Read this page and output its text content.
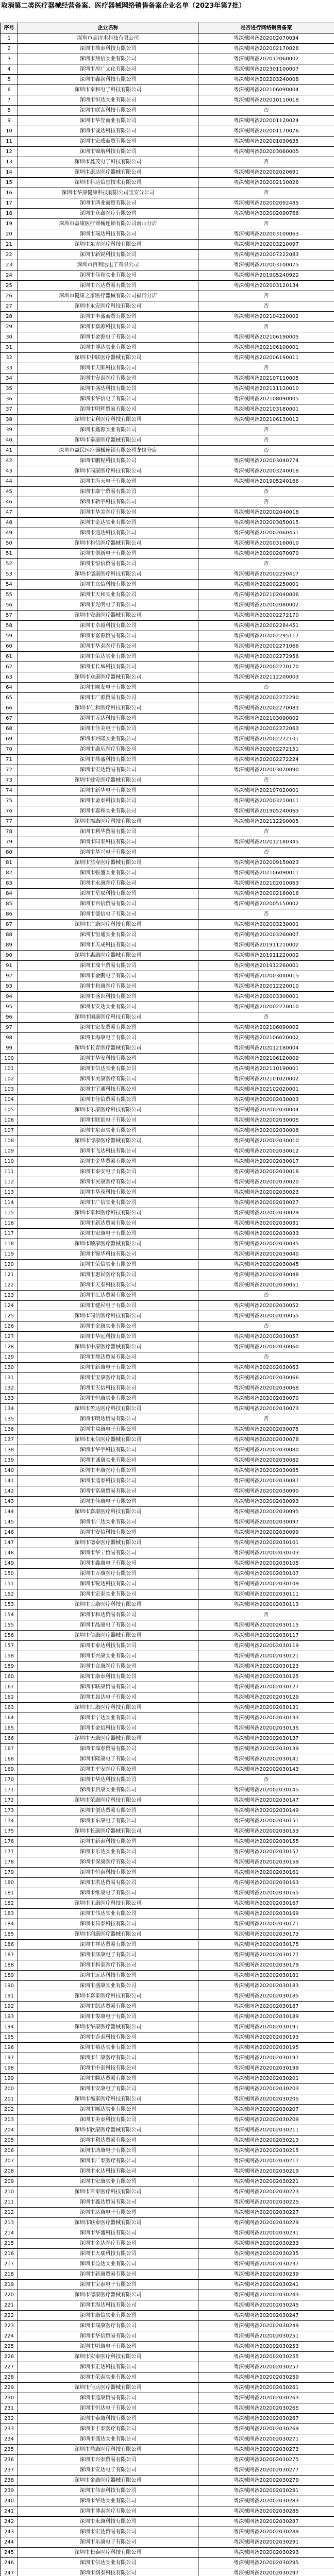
取消第二类医疗器械经营备案、医疗器械网络销售备案企业名单（2023年第7批）
序号	企业名称	是否进行网络销售备案
1	深圳市高诗木科技有限公司	粤深械网备202002070034
2	深圳市鼎泰科技有限公司	粤深械网备202002170028
3	深圳市鼎信实业有限公司	粤深械网备202012060002
4	深圳市厚广文化有限公司	粤深械网备202301100007
5	深圳市鑫润科技有限公司	粤深械网备202203240008
6	深圳市泰和电子科技有限公司	粤深械网备202106090004
7	深圳市恒达实业有限公司	粤深械网备202010110018
8	深圳市联合科技有限公司	否
9	深圳市华誉商业有限公司	粤深械网备202001120024
10	深圳市诚达科技有限公司	粤深械网备202001170076
11	深圳市宏威商贸有限公司	粤深械网备202001030635
12	深圳市锦航科技有限公司	粤深械网备202003060005
13	深圳市鑫茂电子科技有限公司	否
14	深圳市康达医疗器械有限公司	粤深械网备202002020691
15	深圳市科达信息技术有限公司	粤深械网备202002110026
16	深圳市华康健康科技有限公司宝安分公司	否
17	深圳市鸿业商贸有限公司	粤深械网备202002092485
18	深圳市众鑫医疗有限公司	粤深械网备202002090766
19	深圳市益康医疗器械连锁有限公司南山分店	否
20	深圳市瑞达科技有限公司	粤深械网备202003100063
21	深圳市东方医疗科技有限公司	粤深械网备202003210097
22	深圳市新锐科技有限公司	粤深械网备202007222083
23	深圳市百利达电子有限公司	粤深械网备202003100075
24	深圳市佳和实业有限公司	粤深械网备201905240922
25	深圳市兴达贸易有限公司	粤深械网备202003120134
26	深圳市健康之家医疗器械有限公司福田分店	否
27	深圳市永安医疗科技有限公司	否
28	深圳市丰盛商贸有限公司	粤深械网备202104220002
29	深圳市嘉源科技有限公司	否
30	深圳市金源电子有限公司	粤深械网备202106190005
31	深圳市博达实业有限公司	粤深械网备202106100001
32	深圳市中联医疗器械有限公司	粤深械网备202006190011
33	深圳市天顺科技有限公司	否
34	深圳市安泰医疗有限公司	粤深械网备202107110005
35	深圳市盛达科技有限公司	粤深械网备202111120010
36	深圳市华信电子有限公司	粤深械网备202108090005
37	深圳市明辉贸易有限公司	粤深械网备202103180001
38	深圳市宝利医疗科技有限公司	粤深械网备202106130012
39	深圳市鑫源实业有限公司	否
40	深圳市泰康医疗器械有限公司	否
41	深圳市益民医疗器械连锁有限公司龙岗分店	否
42	深圳市鹏程科技有限公司	粤深械网备202003040774
43	深圳市瑞康医疗科技有限公司	粤深械网备202003240018
44	深圳市海天电子有限公司	粤深械网备201905240166
45	深圳市康宁贸易有限公司	否
46	深圳市新宇科技有限公司	否
47	深圳市华美医疗有限公司	粤深械网备202002040018
48	深圳市金达实业有限公司	粤深械网备202003050015
49	深圳市通达科技有限公司	粤深械网备202002060451
50	深圳市和信医疗器械有限公司	粤深械网备202003160010
51	深圳市创新电子有限公司	粤深械网备202002070070
52	深圳市恒信贸易有限公司	否
53	深圳市德康医疗科技有限公司	粤深械网备202002250417
54	深圳市立信科技有限公司	粤深械网备202002250001
55	深圳市天和实业有限公司	粤深械网备202102040006
56	深圳市光明电子有限公司	粤深械网备202002080002
57	深圳市安康医疗器械有限公司	粤深械网备202002272170
58	深圳市卓越科技有限公司	粤深械网备202002284451
59	深圳市富源贸易有限公司	粤深械网备202002295117
60	深圳市华泰医疗有限公司	粤深械网备202002271066
61	深圳市荣达实业有限公司	粤深械网备202002272956
62	深圳市长城科技有限公司	粤深械网备202002270170
63	深圳市众康医疗器械有限公司	粤深械网备202112200003
64	深圳市顺发电子有限公司	否
65	深圳市广源贸易有限公司	粤深械网备202002272290
66	深圳市仁和医疗科技有限公司	粤深械网备202002270083
67	深圳市万达科技有限公司	粤深械网备202103090002
68	深圳市佳美电子有限公司	粤深械网备202002272063
69	深圳市兴隆实业有限公司	粤深械网备202002272101
70	深圳市康乐医疗有限公司	粤深械网备202002272151
71	深圳市鼎盛科技有限公司	粤深械网备202002272224
72	深圳市宏达贸易有限公司	粤深械网备202003020090
73	深圳市健安医疗器械有限公司	否
74	深圳市新华电子有限公司	粤深械网备202107020001
75	深圳市金泰科技有限公司	粤深械网备202003210011
76	深圳市嘉和实业有限公司	粤深械网备201905240063
77	深圳市福康医疗科技有限公司	粤深械网备202112200005
78	深圳市利华贸易有限公司	否
79	深圳市同泰科技有限公司	粤深械网备202012180345
80	深圳市华兴电子有限公司	否
81	深圳市益寿医疗器械有限公司	粤深械网备202009150023
82	深圳市强盛实业有限公司	粤深械网备202106090011
83	深圳市永康医疗有限公司	粤深械网备202102010063
84	深圳市星辰科技有限公司	粤深械网备202002180016
85	深圳市百信贸易有限公司	粤深械网备202005150002
86	深圳市德信电子有限公司	否
87	深圳市广康医疗科技有限公司	粤深械网备202003230001
88	深圳市恒通实业有限公司	粤深械网备202003260007
89	深圳市天成科技有限公司	粤深械网备201911210002
90	深圳市惠康医疗器械有限公司	粤深械网备201911220002
91	深圳市瑞丰贸易有限公司	粤深械网备201912260001
92	深圳市金鹏电子有限公司	粤深械网备202003040015
93	深圳市和康医疗有限公司	粤深械网备202012220010
94	深圳市盛世科技有限公司	粤深械网备202003300001
95	深圳市安达实业有限公司	粤深械网备202002270010
96	深圳市国康医疗科技有限公司	否
97	深圳市宏发贸易有限公司	粤深械网备202106090002
98	深圳市海康电子有限公司	粤深械网备202106020002
99	深圳市长青医疗器械有限公司	粤深械网备202012180004
100	深圳市华安科技有限公司	粤深械网备202106120009
101	深圳市信达实业有限公司	粤深械网备202110190001
102	深圳市美康医疗有限公司	粤深械网备202101020002
103	深圳市宇通科技有限公司	粤深械网备202102020001
104	深圳市佳信贸易有限公司	粤深械网备202002030003
105	深圳市乐康医疗科技有限公司	粤深械网备202002030004
106	深圳市联创电子有限公司	粤深械网备202002030005
107	深圳市东泰实业有限公司	粤深械网备202002030008
108	深圳市博康医疗器械有限公司	粤深械网备202002030010
109	深圳市飞达科技有限公司	粤深械网备202002030012
110	深圳市金华贸易有限公司	粤深械网备202002030017
111	深圳市泰安电子有限公司	粤深械网备202002030018
112	深圳市民康医疗有限公司	粤深械网备202002030020
113	深圳市华茂科技有限公司	粤深械网备202002030023
114	深圳市广信实业有限公司	粤深械网备202002030027
115	深圳市泰和医疗科技有限公司	粤深械网备202002030029
116	深圳市新达贸易有限公司	粤深械网备202002030031
117	深圳市宏康电子有限公司	粤深械网备202002030033
118	深圳市顺康医疗器械有限公司	粤深械网备202002030035
119	深圳市锦华科技有限公司	粤深械网备202002030040
120	深圳市荣信实业有限公司	粤深械网备202002030045
121	深圳市惠民医疗有限公司	粤深械网备202002030048
122	深圳市天泰科技有限公司	粤深械网备202002030051
123	深圳市汇达贸易有限公司	否
124	深圳市健民电子有限公司	粤深械网备202002030052
125	深圳市瑞信医疗科技有限公司	粤深械网备202002030055
126	深圳市金康实业有限公司	否
127	深圳市华远科技有限公司	粤深械网备202002030057
128	深圳市中康医疗器械有限公司	粤深械网备202002030060
129	深圳市鼎达贸易有限公司	否
130	深圳市新康电子有限公司	粤深械网备202002030063
131	深圳市宝康医疗有限公司	粤深械网备202002030066
132	深圳市天信科技有限公司	粤深械网备202002030068
133	深圳市恒康实业有限公司	粤深械网备202002030070
134	深圳市盈达医疗科技有限公司	粤深械网备202002030073
135	深圳市明达贸易有限公司	否
136	深圳市益康电子有限公司	粤深械网备202002030075
137	深圳市永信医疗器械有限公司	粤深械网备202002030078
138	深圳市华宇科技有限公司	粤深械网备202002030080
139	深圳市诚康实业有限公司	粤深械网备202002030082
140	深圳市丰康医疗有限公司	粤深械网备202002030085
141	深圳市通泰科技有限公司	粤深械网备202002030087
142	深圳市富康贸易有限公司	粤深械网备202002030090
143	深圳市佳康电子有限公司	粤深械网备202002030093
144	深圳市嘉康医疗科技有限公司	粤深械网备202002030095
145	深圳市广达实业有限公司	粤深械网备202002030097
146	深圳市安信科技有限公司	粤深械网备202002030099
147	深圳市德泰医疗器械有限公司	粤深械网备202002030101
148	深圳市华宁贸易有限公司	粤深械网备202002030103
149	深圳市鑫康电子有限公司	粤深械网备202002030105
150	深圳市万康医疗有限公司	粤深械网备202002030107
151	深圳市锐达科技有限公司	粤深械网备202002030109
152	深圳市宏泰实业有限公司	粤深械网备202002030111
153	深圳市百康医疗科技有限公司	粤深械网备202002030113
154	深圳市和达贸易有限公司	否
155	深圳市晶康电子有限公司	粤深械网备202002030115
156	深圳市信康医疗器械有限公司	粤深械网备202002030117
157	深圳市泰达科技有限公司	粤深械网备202002030119
158	深圳市兴康实业有限公司	粤深械网备202002030121
159	深圳市合康医疗有限公司	粤深械网备202002030123
160	深圳市康泰科技有限公司	粤深械网备202002030125
161	深圳市联康贸易有限公司	粤深械网备202002030127
162	深圳市晨达电子有限公司	粤深械网备202002030129
163	深圳市汇康医疗科技有限公司	粤深械网备202002030131
164	深圳市宁达实业有限公司	粤深械网备202002030133
165	深圳市金信科技有限公司	粤深械网备202002030135
166	深圳市天康医疗器械有限公司	粤深械网备202002030137
167	深圳市瑞泰贸易有限公司	粤深械网备202002030139
168	深圳市隆康电子有限公司	粤深械网备202002030141
169	深圳市平安医疗有限公司	粤深械网备202002030143
170	深圳市华达科技有限公司	否
171	深圳市启康实业有限公司	粤深械网备202002030145
172	深圳市荣康医疗科技有限公司	粤深械网备202002030147
173	深圳市创达贸易有限公司	粤深械网备202002030149
174	深圳市东康电子有限公司	粤深械网备202002030151
175	深圳市长康医疗器械有限公司	粤深械网备202002030153
176	深圳市新泰科技有限公司	粤深械网备202002030155
177	深圳市乐达实业有限公司	粤深械网备202002030157
178	深圳市保康医疗有限公司	粤深械网备202002030159
179	深圳市恒泰科技有限公司	粤深械网备202002030161
180	深圳市洪达贸易有限公司	粤深械网备202002030163
181	深圳市维康电子有限公司	粤深械网备202002030165
182	深圳市正康医疗科技有限公司	粤深械网备202002030167
183	深圳市伟达实业有限公司	粤深械网备202002030169
184	深圳市昌泰科技有限公司	粤深械网备202002030171
185	深圳市润康医疗器械有限公司	粤深械网备202002030173
186	深圳市祥达贸易有限公司	粤深械网备202002030175
187	深圳市泽康电子有限公司	粤深械网备202002030177
188	深圳市和泰医疗有限公司	粤深械网备202002030179
189	深圳市远达科技有限公司	粤深械网备202002030181
190	深圳市盛康实业有限公司	粤深械网备202002030183
191	深圳市嘉泰医疗科技有限公司	粤深械网备202002030185
192	深圳市凯达贸易有限公司	粤深械网备202002030187
193	深圳市俊康电子有限公司	粤深械网备202002030189
194	深圳市华康医疗器械有限公司	粤深械网备202002030191
195	深圳市吉泰科技有限公司	粤深械网备202002030193
196	深圳市裕达实业有限公司	粤深械网备202002030195
197	深圳市仁康医疗有限公司	粤深械网备202002030197
198	深圳市中泰科技有限公司	粤深械网备202002030199
199	深圳市腾达贸易有限公司	粤深械网备202002030201
200	深圳市安康电子有限公司	粤深械网备202002030203
201	深圳市福泰医疗科技有限公司	粤深械网备202002030205
202	深圳市顺达实业有限公司	粤深械网备202002030207
203	深圳市美泰科技有限公司	粤深械网备202002030209
204	深圳市欣康医疗器械有限公司	粤深械网备202002030211
205	深圳市利达贸易有限公司	粤深械网备202002030213
206	深圳市鸿康电子有限公司	粤深械网备202002030215
207	深圳市广泰医疗有限公司	粤深械网备202002030217
208	深圳市永达科技有限公司	粤深械网备202002030219
209	深圳市宏康实业有限公司	粤深械网备202002030221
210	深圳市百泰医疗科技有限公司	粤深械网备202002030223
211	深圳市鑫达贸易有限公司	粤深械网备202002030225
212	深圳市达康电子有限公司	粤深械网备202002030227
213	深圳市联泰医疗器械有限公司	粤深械网备202002030229
214	深圳市华盛科技有限公司	粤深械网备202002030231
215	深圳市金达医疗有限公司	粤深械网备202002030233
216	深圳市天瑞科技有限公司	粤深械网备202002030235
217	深圳市益达实业有限公司	粤深械网备202002030237
218	深圳市新康贸易有限公司	粤深械网备202002030239
219	深圳市宝泰电子有限公司	粤深械网备202002030241
220	深圳市德康医疗器械有限公司	粤深械网备202002030243
221	深圳市海达科技有限公司	粤深械网备202002030245
222	深圳市康信实业有限公司	粤深械网备202002030247
223	深圳市瑞康医疗有限公司	粤深械网备202002030249
224	深圳市华信贸易有限公司	粤深械网备202002030251
225	深圳市明康电子有限公司	粤深械网备202002030253
226	深圳市宏泰医疗科技有限公司	粤深械网备202002030255
227	深圳市正达科技有限公司	粤深械网备202002030257
228	深圳市荣泰实业有限公司	粤深械网备202002030259
229	深圳市佳达医疗器械有限公司	粤深械网备202002030261
230	深圳市通康贸易有限公司	粤深械网备202002030263
231	深圳市恒达电子有限公司	粤深械网备202002030265
232	深圳市泰康科技有限公司	粤深械网备202002030267
233	深圳市丰泰医疗有限公司	粤深械网备202002030269
234	深圳市盛达实业有限公司	粤深械网备202002030271
235	深圳市鼎康医疗科技有限公司	粤深械网备202002030273
236	深圳市兴泰贸易有限公司	粤深械网备202002030275
237	深圳市安达电子有限公司	粤深械网备202002030277
238	深圳市金康医疗器械有限公司	粤深械网备202002030279
239	深圳市伟泰科技有限公司	粤深械网备202002030281
240	深圳市华达实业有限公司	粤深械网备202002030283
241	深圳市博泰医疗有限公司	粤深械网备202002030285
242	深圳市永康科技有限公司	粤深械网备202002030287
243	深圳市宏达贸易有限公司	粤深械网备202002030289
244	深圳市乐康电子有限公司	粤深械网备202002030291
245	深圳市长泰医疗科技有限公司	粤深械网备202002030293
246	深圳市信达实业有限公司	粤深械网备202002030295
247	深圳市润泰科技有限公司	粤深械网备202002030297
